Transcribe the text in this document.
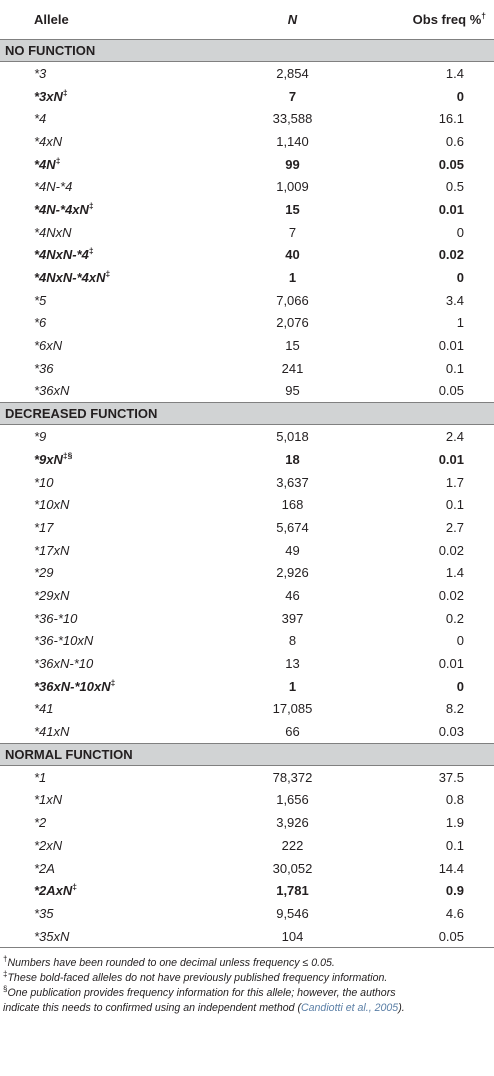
Allele	N	Obs freq %†
NO FUNCTION		
*3	2,854	1.4
*3xN‡	7	0
*4	33,588	16.1
*4xN	1,140	0.6
*4N‡	99	0.05
*4N-*4	1,009	0.5
*4N-*4xN‡	15	0.01
*4NxN	7	0
*4NxN-*4‡	40	0.02
*4NxN-*4xN‡	1	0
*5	7,066	3.4
*6	2,076	1
*6xN	15	0.01
*36	241	0.1
*36xN	95	0.05
DECREASED FUNCTION		
*9	5,018	2.4
*9xN‡§	18	0.01
*10	3,637	1.7
*10xN	168	0.1
*17	5,674	2.7
*17xN	49	0.02
*29	2,926	1.4
*29xN	46	0.02
*36-*10	397	0.2
*36-*10xN	8	0
*36xN-*10	13	0.01
*36xN-*10xN‡	1	0
*41	17,085	8.2
*41xN	66	0.03
NORMAL FUNCTION		
*1	78,372	37.5
*1xN	1,656	0.8
*2	3,926	1.9
*2xN	222	0.1
*2A	30,052	14.4
*2AxN‡	1,781	0.9
*35	9,546	4.6
*35xN	104	0.05
†Numbers have been rounded to one decimal unless frequency ≤ 0.05.
‡These bold-faced alleles do not have previously published frequency information.
§One publication provides frequency information for this allele; however, the authors
indicate this needs to confirmed using an independent method (Candiotti et al., 2005).
